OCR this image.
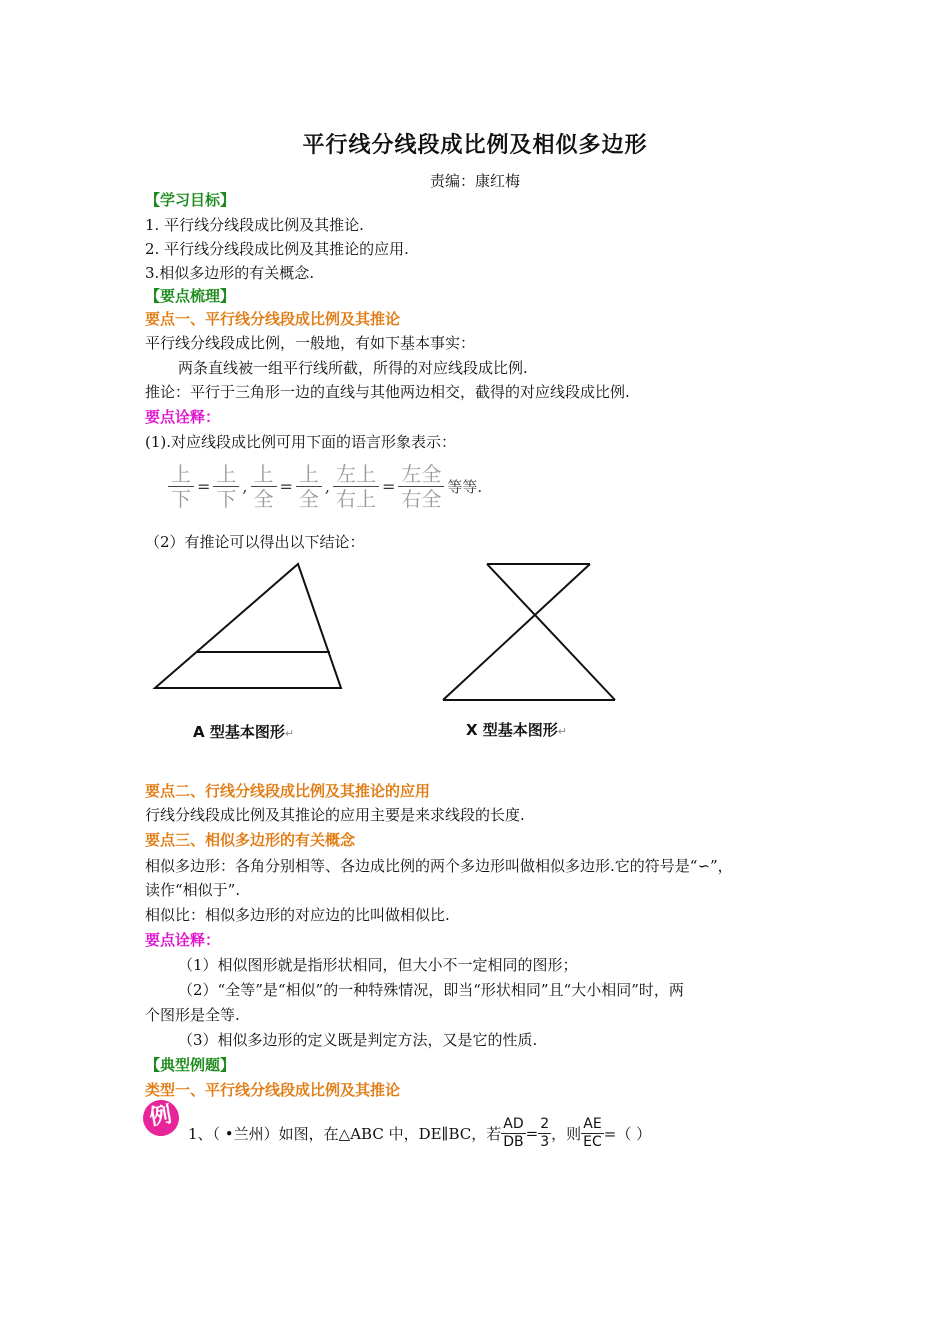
平行线分线段成比例及相似多边形
责编：康红梅
【学习目标】
1. 平行线分线段成比例及其推论.
2. 平行线分线段成比例及其推论的应用.
3.相似多边形的有关概念.
【要点梳理】
要点一、平行线分线段成比例及其推论
平行线分线段成比例，一般地，有如下基本事实：
两条直线被一组平行线所截，所得的对应线段成比例.
推论：平行于三角形一边的直线与其他两边相交，截得的对应线段成比例.
要点诠释：
(1).对应线段成比例可用下面的语言形象表示：
$\frac{\text{上}}{\text{下}} = \frac{\text{上}}{\text{下}}$ , $\frac{\text{上}}{\text{全}} = \frac{\text{上}}{\text{全}}$ , $\frac{\text{左上}}{\text{右上}} = \frac{\text{左全}}{\text{右全}}$ 等等.
（2）有推论可以得出以下结论：
A 型基本图形↵	X 型基本图形↵
要点二、行线分线段成比例及其推论的应用
行线分线段成比例及其推论的应用主要是来求线段的长度.
要点三、相似多边形的有关概念
相似多边形：各角分别相等、各边成比例的两个多边形叫做相似多边形.它的符号是“∽”，
读作“相似于”.
相似比：相似多边形的对应边的比叫做相似比.
要点诠释：
（1）相似图形就是指形状相同，但大小不一定相同的图形；
（2）“全等”是“相似”的一种特殊情况，即当“形状相同”且“大小相同”时，两
个图形是全等.
（3）相似多边形的定义既是判定方法，又是它的性质.
【典型例题】
类型一、平行线分线段成比例及其推论
例
1、（ •兰州）如图，在△ABC 中，DE∥BC，若 $\frac{AD}{DB} = \frac{2}{3}$ ，则 $\frac{AE}{EC}$ =（ ）
